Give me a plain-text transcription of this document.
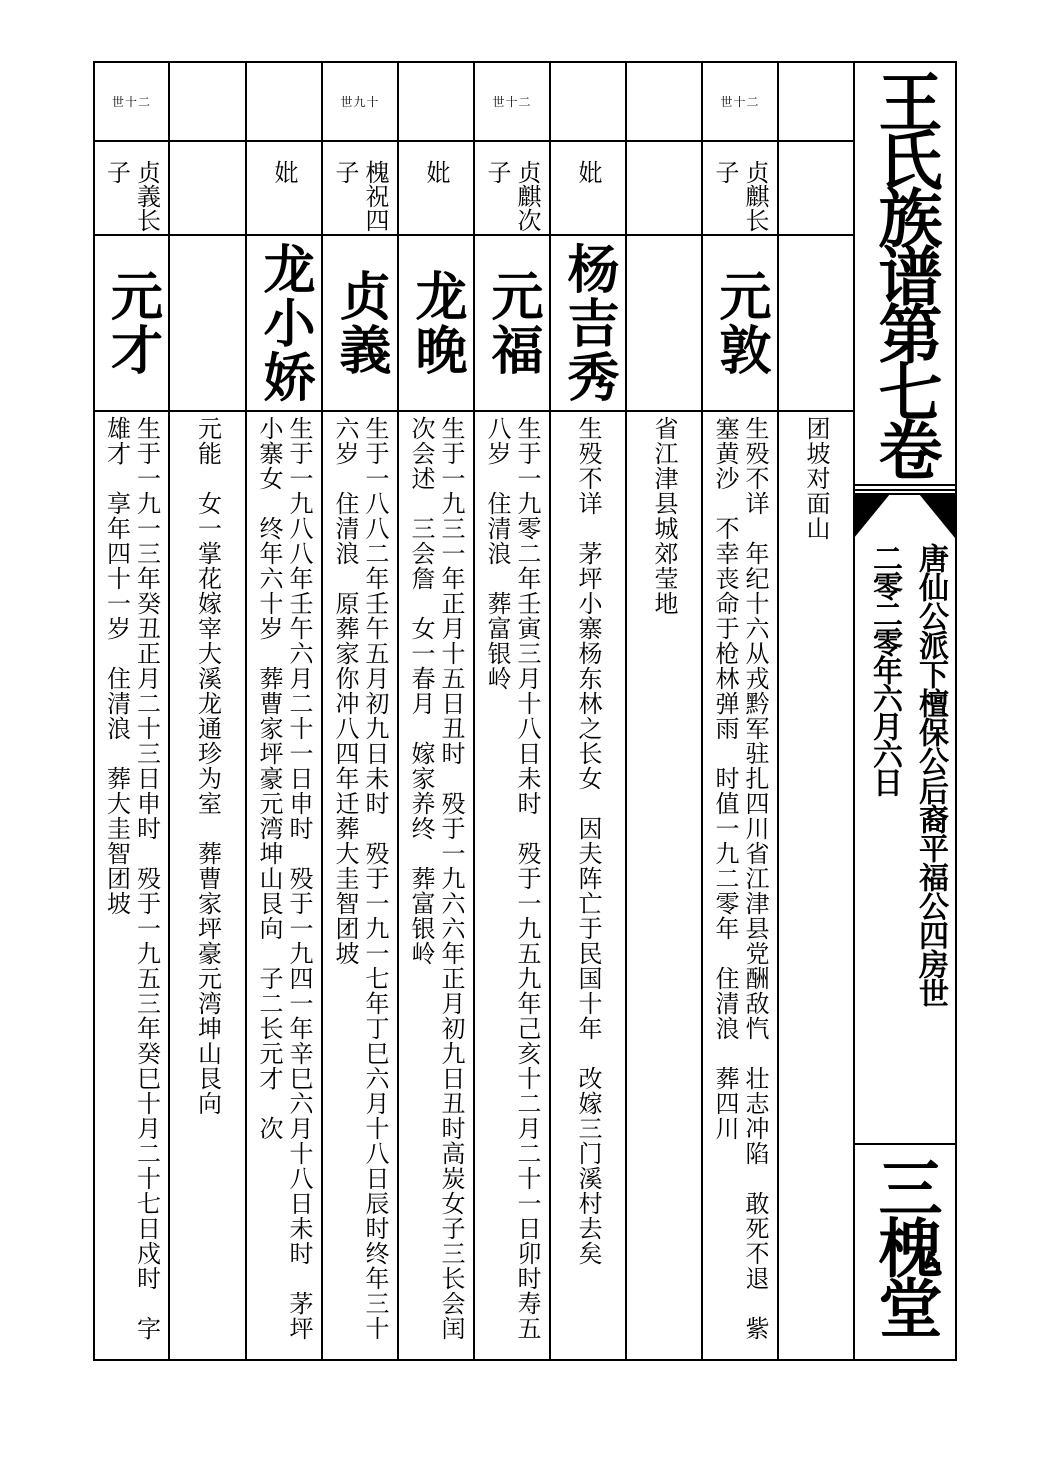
团坡对面山
世十二
贞麒长子
元敦
生殁不详　年纪十六从戎黔军驻扎四川省江津县党酬敌忾　壮志冲陷　敢死不退　紫塞黄沙　不幸丧命于枪林弹雨　时值一九二零年　住清浪　葬四川
省江津县城郊莹地
妣
杨吉秀
生殁不详　茅坪小寨杨东林之长女　因夫阵亡于民国十年　改嫁三门溪村去矣
世十二
贞麒次子
元福
生于一九零二年壬寅三月十八日未时　殁于一九五九年己亥十二月二十一日卯时寿五八岁　住清浪　葬富银岭
妣
龙晚
生于一九三一年正月十五日丑时　殁于一九六六年正月初九日丑时高炭女子三长会闰　次会述　三会詹　女一春月　嫁家养终　葬富银岭
世九十
槐祝四子
贞義
生于一八八二年壬午五月初九日未时　殁于一九一七年丁巳六月十八日辰时终年三十六岁　住清浪　原葬家你冲八四年迁葬大圭智团坡
妣
龙小娇
生于一九八八年壬午六月二十一日申时　殁于一九四一年辛巳六月十八日未时　茅坪小寨女　终年六十岁　葬曹家坪豪元湾坤山艮向　子二长元才　次
元能　女一掌花嫁宰大溪龙通珍为室　葬曹家坪豪元湾坤山艮向
世十二
贞義长子
元才
生于一九一三年癸丑正月二十三日申时　殁于一九五三年癸巳十月二十七日戍时　字雄才　享年四十一岁　住清浪　葬大圭智团坡
王氏族谱第七卷
唐仙公派下檀保公后裔平福公四房世
二零二零年六月六日
三槐堂
